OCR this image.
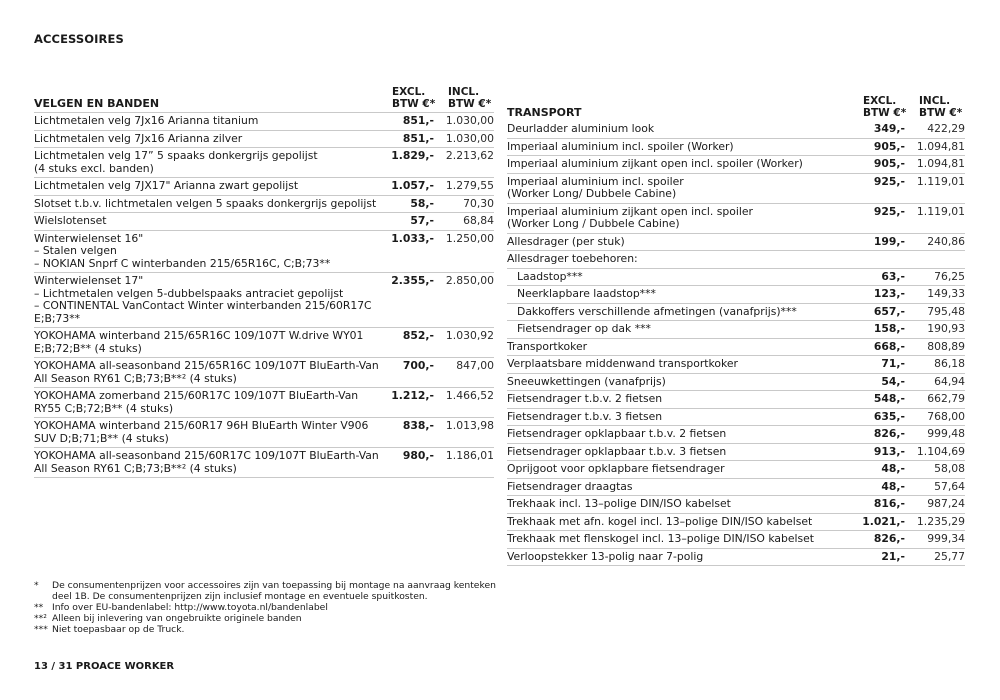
ACCESSOIRES
VELGEN EN BANDEN
EXCL.
BTW €*
INCL.
BTW €*
Lichtmetalen velg 7Jx16 Arianna titanium	851,-	1.030,00
Lichtmetalen velg 7Jx16 Arianna zilver	851,-	1.030,00
Lichtmetalen velg 17” 5 spaaks donkergrijs gepolijst
(4 stuks excl. banden)
1.829,-	2.213,62
Lichtmetalen velg 7JX17" Arianna zwart gepolijst	1.057,-	1.279,55
Slotset t.b.v. lichtmetalen velgen 5 spaaks donkergrijs gepolijst	58,-	70,30
Wielslotenset	57,-	68,84
Winterwielenset 16"
– Stalen velgen
– NOKIAN Snprf C winterbanden 215/65R16C, C;B;73**
1.033,-	1.250,00
Winterwielenset 17"
– Lichtmetalen velgen 5-dubbelspaaks antraciet gepolijst
– CONTINENTAL VanContact Winter winterbanden 215/60R17C
E;B;73**
2.355,-	2.850,00
YOKOHAMA winterband 215/65R16C 109/107T W.drive WY01
E;B;72;B** (4 stuks)
852,-	1.030,92
YOKOHAMA all-seasonband 215/65R16C 109/107T BluEarth-Van
All Season RY61 C;B;73;B**² (4 stuks)
700,-	847,00
YOKOHAMA zomerband 215/60R17C 109/107T BluEarth-Van
RY55 C;B;72;B** (4 stuks)
1.212,-	1.466,52
YOKOHAMA winterband 215/60R17 96H BluEarth Winter V906
SUV D;B;71;B** (4 stuks)
838,-	1.013,98
YOKOHAMA all-seasonband 215/60R17C 109/107T BluEarth-Van
All Season RY61 C;B;73;B**² (4 stuks)
980,-	1.186,01
TRANSPORT
EXCL.
BTW €*
INCL.
BTW €*
Deurladder aluminium look	349,-	422,29
Imperiaal aluminium incl. spoiler (Worker)	905,-	1.094,81
Imperiaal aluminium zijkant open incl. spoiler (Worker)	905,-	1.094,81
Imperiaal aluminium incl. spoiler
(Worker Long/ Dubbele Cabine)
925,-	1.119,01
Imperiaal aluminium zijkant open incl. spoiler
(Worker Long / Dubbele Cabine)
925,-	1.119,01
Allesdrager (per stuk)	199,-	240,86
Allesdrager toebehoren:
Laadstop***	63,-	76,25
Neerklapbare laadstop***	123,-	149,33
Dakkoffers verschillende afmetingen (vanafprijs)***	657,-	795,48
Fietsendrager op dak ***	158,-	190,93
Transportkoker	668,-	808,89
Verplaatsbare middenwand transportkoker	71,-	86,18
Sneeuwkettingen (vanafprijs)	54,-	64,94
Fietsendrager t.b.v. 2 fietsen	548,-	662,79
Fietsendrager t.b.v. 3 fietsen	635,-	768,00
Fietsendrager opklapbaar t.b.v. 2 fietsen	826,-	999,48
Fietsendrager opklapbaar t.b.v. 3 fietsen	913,-	1.104,69
Oprijgoot voor opklapbare fietsendrager	48,-	58,08
Fietsendrager draagtas	48,-	57,64
Trekhaak incl. 13–polige DIN/ISO kabelset	816,-	987,24
Trekhaak met afn. kogel incl. 13–polige DIN/ISO kabelset	1.021,-	1.235,29
Trekhaak met flenskogel incl. 13–polige DIN/ISO kabelset	826,-	999,34
Verloopstekker 13-polig naar 7-polig	21,-	25,77
*	De consumentenprijzen voor accessoires zijn van toepassing bij montage na aanvraag kenteken deel 1B. De consumentenprijzen zijn inclusief montage en eventuele spuitkosten.
** Info over EU-bandenlabel: http://www.toyota.nl/bandenlabel
**² Alleen bij inlevering van ongebruikte originele banden
*** Niet toepasbaar op de Truck.
13 / 31 PROACE WORKER
